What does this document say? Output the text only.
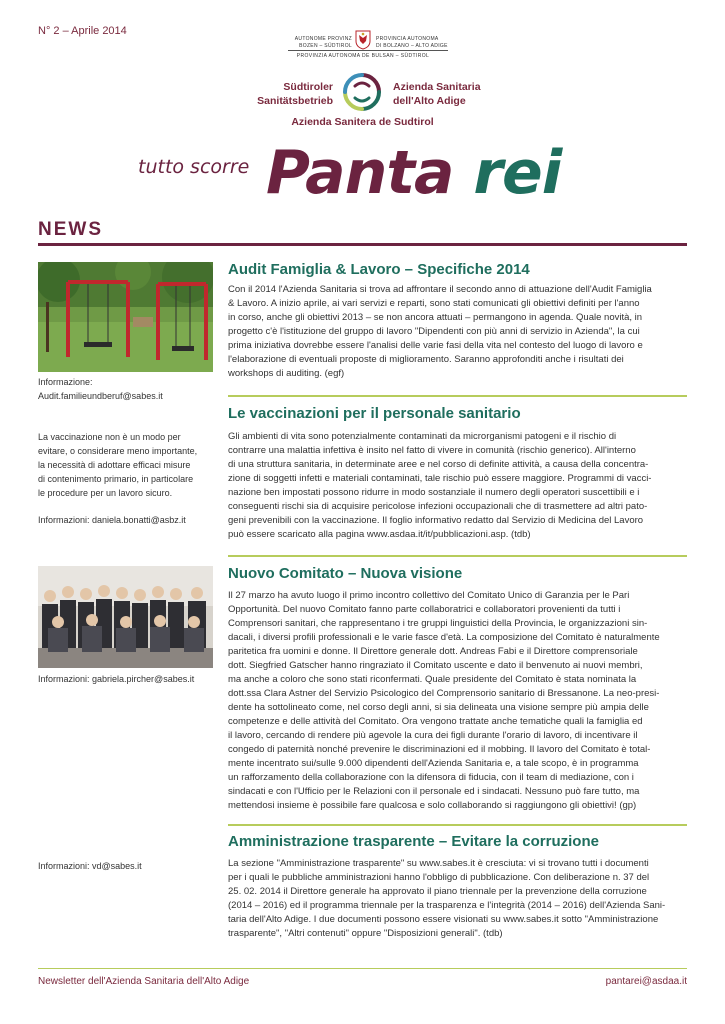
N° 2 – Aprile 2014
AUTONOME PROVINZ
BOZEN – SÜDTIROL
PROVINCIA AUTONOMA
DI BOLZANO – ALTO ADIGE
PROVINZIA AUTONOMA DE BULSAN – SÜDTIROL
Südtiroler
Sanitätsbetrieb
Azienda Sanitaria
dell'Alto Adige
Azienda Sanitera de Sudtirol
tutto scorre Panta rei
NEWS
Informazione:
Audit.familieundberuf@sabes.it
La vaccinazione non è un modo per
evitare, o considerare meno importante,
la necessità di adottare efficaci misure
di contenimento primario, in particolare
le procedure per un lavoro sicuro.
Informazioni: daniela.bonatti@asbz.it
Informazioni: gabriela.pircher@sabes.it
Informazioni: vd@sabes.it
Audit Famiglia & Lavoro – Specifiche 2014
Con il 2014 l'Azienda Sanitaria si trova ad affrontare il secondo anno di attuazione dell'Audit Famiglia
& Lavoro. A inizio aprile, ai vari servizi e reparti, sono stati comunicati gli obiettivi definiti per l'anno
in corso, anche gli obiettivi 2013 – se non ancora attuati – permangono in agenda. Quale novità, in
progetto c'è l'istituzione del gruppo di lavoro "Dipendenti con più anni di servizio in Azienda", la cui
prima iniziativa dovrebbe essere l'analisi delle varie fasi della vita nel contesto del luogo di lavoro e
l'elaborazione di eventuali proposte di miglioramento. Saranno approfonditi anche i risultati dei
workshops di auditing. (egf)
Le vaccinazioni per il personale sanitario
Gli ambienti di vita sono potenzialmente contaminati da microrganismi patogeni e il rischio di
contrarre una malattia infettiva è insito nel fatto di vivere in comunità (rischio generico). All'interno
di una struttura sanitaria, in determinate aree e nel corso di definite attività, a causa della concentra-
zione di soggetti infetti e materiali contaminati, tale rischio può essere maggiore. Programmi di vacci-
nazione ben impostati possono ridurre in modo sostanziale il numero degli operatori suscettibili e i
conseguenti rischi sia di acquisire pericolose infezioni occupazionali che di trasmettere ad altri pato-
geni prevenibili con la vaccinazione. Il foglio informativo redatto dal Servizio di Medicina del Lavoro
può essere scaricato alla pagina www.asdaa.it/it/pubblicazioni.asp. (tdb)
Nuovo Comitato – Nuova visione
Il 27 marzo ha avuto luogo il primo incontro collettivo del Comitato Unico di Garanzia per le Pari
Opportunità. Del nuovo Comitato fanno parte collaboratrici e collaboratori provenienti da tutti i
Comprensori sanitari, che rappresentano i tre gruppi linguistici della Provincia, le organizzazioni sin-
dacali, i diversi profili professionali e le varie fasce d'età. La composizione del Comitato è naturalmente
paritetica fra uomini e donne. Il Direttore generale dott. Andreas Fabi e il Direttore comprensoriale
dott. Siegfried Gatscher hanno ringraziato il Comitato uscente e dato il benvenuto ai nuovi membri,
ma anche a coloro che sono stati riconfermati. Quale presidente del Comitato è stata nominata la
dott.ssa Clara Astner del Servizio Psicologico del Comprensorio sanitario di Bressanone. La neo-presi-
dente ha sottolineato come, nel corso degli anni, si sia delineata una visione sempre più ampia delle
competenze e delle attività del Comitato. Ora vengono trattate anche tematiche quali la famiglia ed
il lavoro, cercando di rendere più agevole la cura dei figli durante l'orario di lavoro, di incentivare il
congedo di paternità nonché prevenire le discriminazioni ed il mobbing. Il lavoro del Comitato è total-
mente incentrato sui/sulle 9.000 dipendenti dell'Azienda Sanitaria e, a tale scopo, è in programma
un rafforzamento della collaborazione con la difensora di fiducia, con il team di mediazione, con i
sindacati e con l'Ufficio per le Relazioni con il personale ed i sindacati. Nessuno può fare tutto, ma
mettendosi insieme è possibile fare qualcosa e solo collaborando si raggiungono gli obiettivi! (gp)
Amministrazione trasparente – Evitare la corruzione
La sezione "Amministrazione trasparente" su www.sabes.it è cresciuta: vi si trovano tutti i documenti
per i quali le pubbliche amministrazioni hanno l'obbligo di pubblicazione. Con deliberazione n. 37 del
25. 02. 2014 il Direttore generale ha approvato il piano triennale per la prevenzione della corruzione
(2014 – 2016) ed il programma triennale per la trasparenza e l'integrità (2014 – 2016) dell'Azienda Sani-
taria dell'Alto Adige. I due documenti possono essere visionati su www.sabes.it sotto "Amministrazione
trasparente", "Altri contenuti" oppure "Disposizioni generali". (tdb)
Newsletter dell'Azienda Sanitaria dell'Alto Adige	pantarei@asdaa.it
